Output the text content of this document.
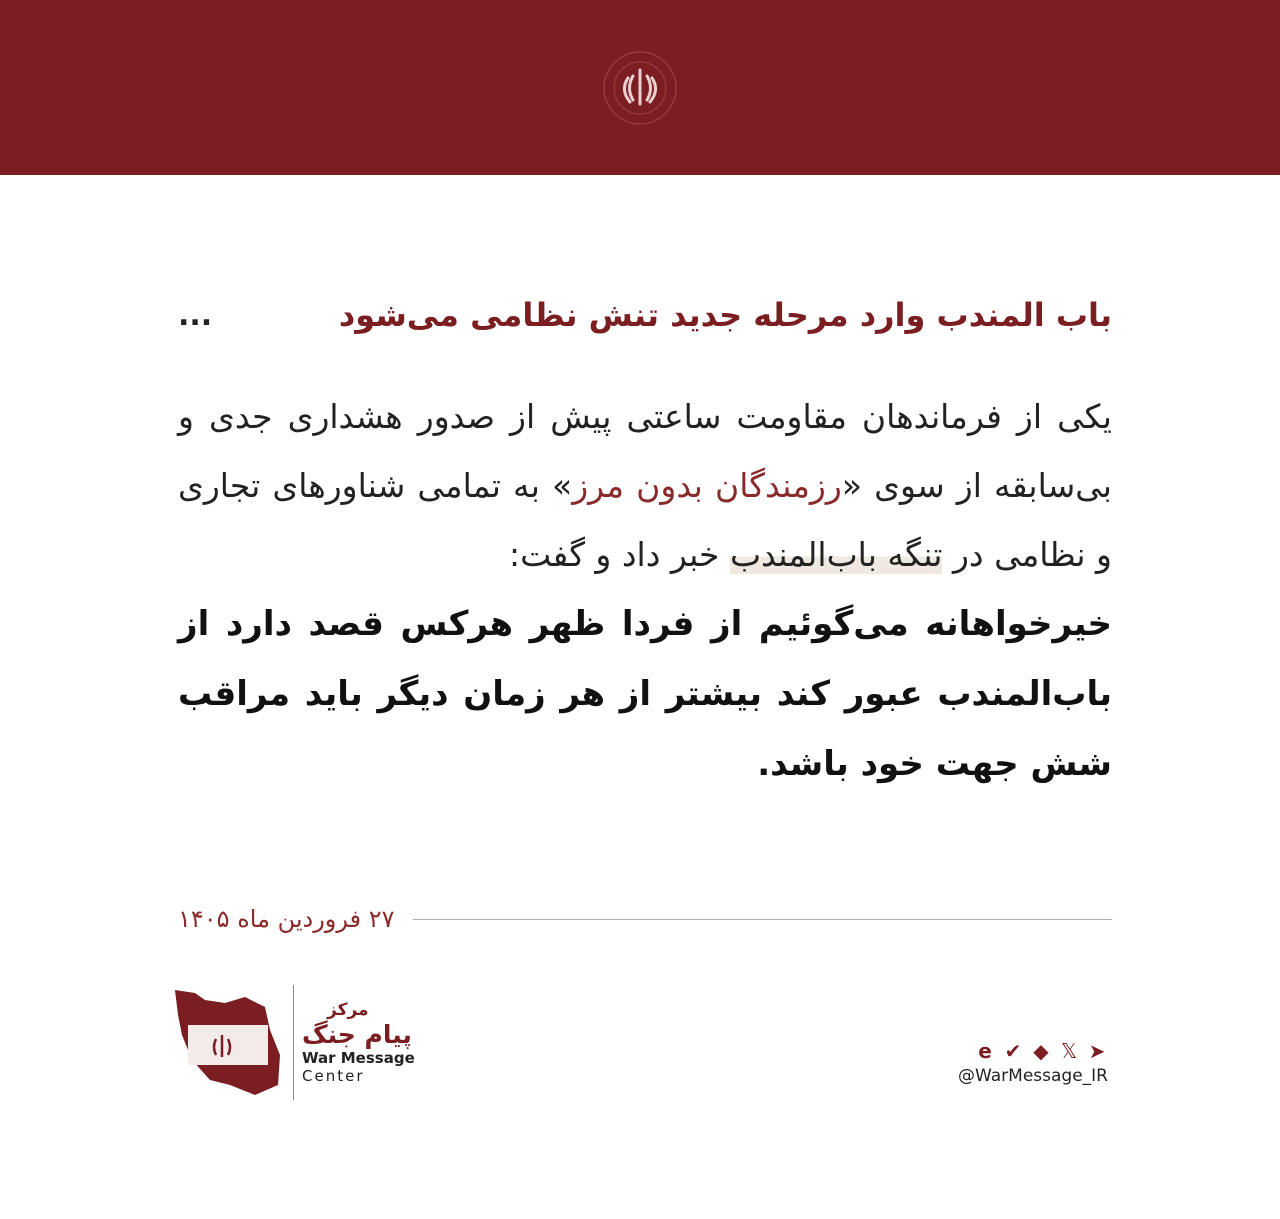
باب المندب وارد مرحله جدید تنش نظامی می‌شود
...

یکی از فرماندهان مقاومت ساعتی پیش از صدور هشداری جدی و بی‌سابقه از سوی «رزمندگان بدون مرز» به تمامی شناورهای تجاری و نظامی در تنگه باب‌المندب خبر داد و گفت:

خیرخواهانه می‌گوئیم از فردا ظهر هرکس قصد دارد از باب‌المندب عبور کند بیشتر از هر زمان دیگر باید مراقب شش جهت خود باشد.

۲۷ فروردین ماه ۱۴۰۵
مرکز
پیام جنگ
War Message
Center
e ✔ ◆ 𝕏 ➤
@WarMessage_IR
